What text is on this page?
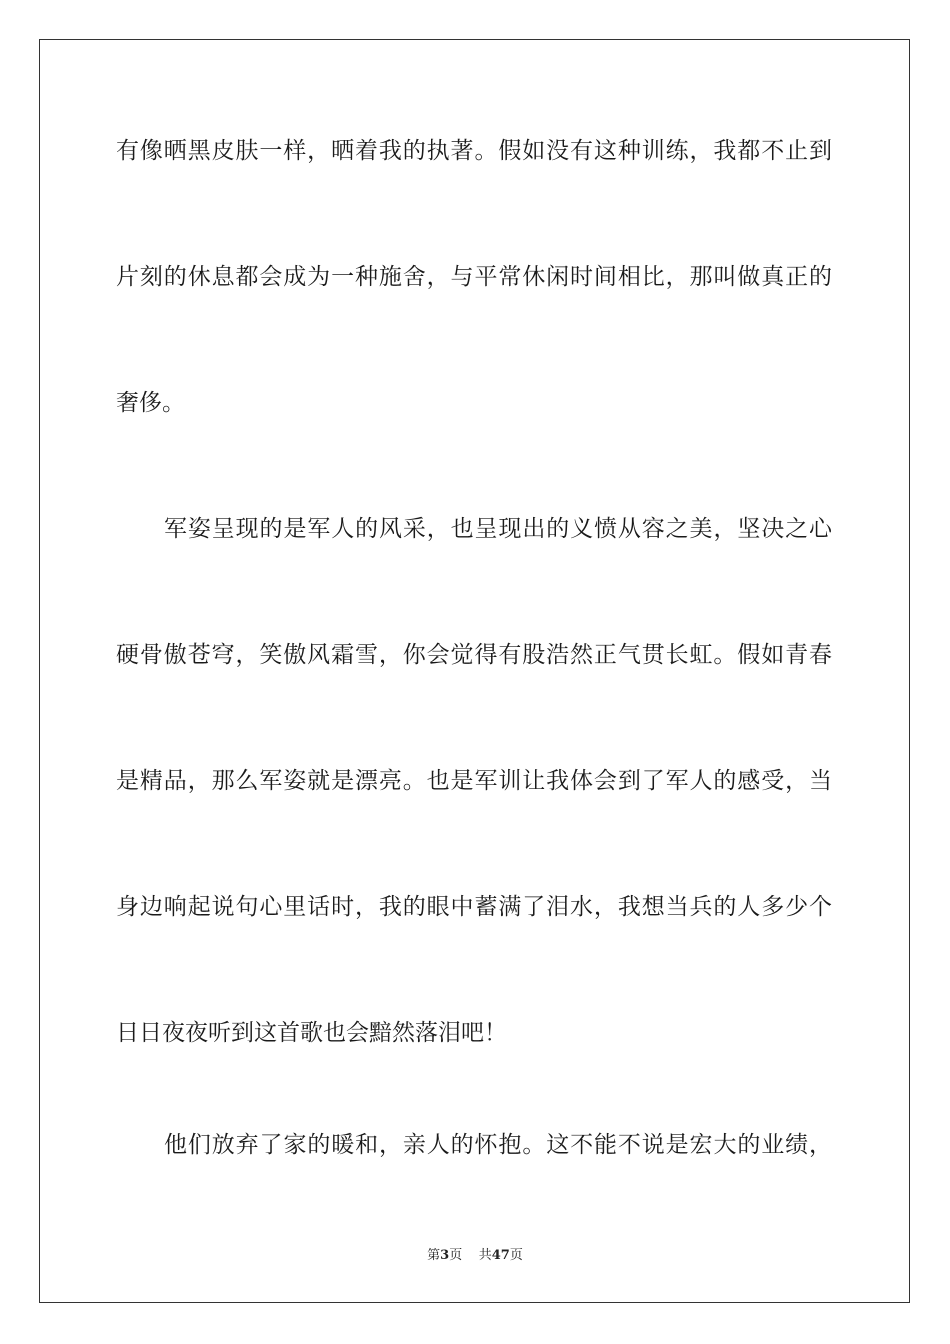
有像晒黑皮肤一样，晒着我的执著。假如没有这种训练，我都不止到
片刻的休息都会成为一种施舍，与平常休闲时间相比，那叫做真正的
奢侈。
军姿呈现的是军人的风采，也呈现出的义愤从容之美，坚决之心
硬骨傲苍穹，笑傲风霜雪，你会觉得有股浩然正气贯长虹。假如青春
是精品，那么军姿就是漂亮。也是军训让我体会到了军人的感受，当
身边响起说句心里话时，我的眼中蓄满了泪水，我想当兵的人多少个
日日夜夜听到这首歌也会黯然落泪吧！
他们放弃了家的暖和，亲人的怀抱。这不能不说是宏大的业绩，
第3页 共47页
